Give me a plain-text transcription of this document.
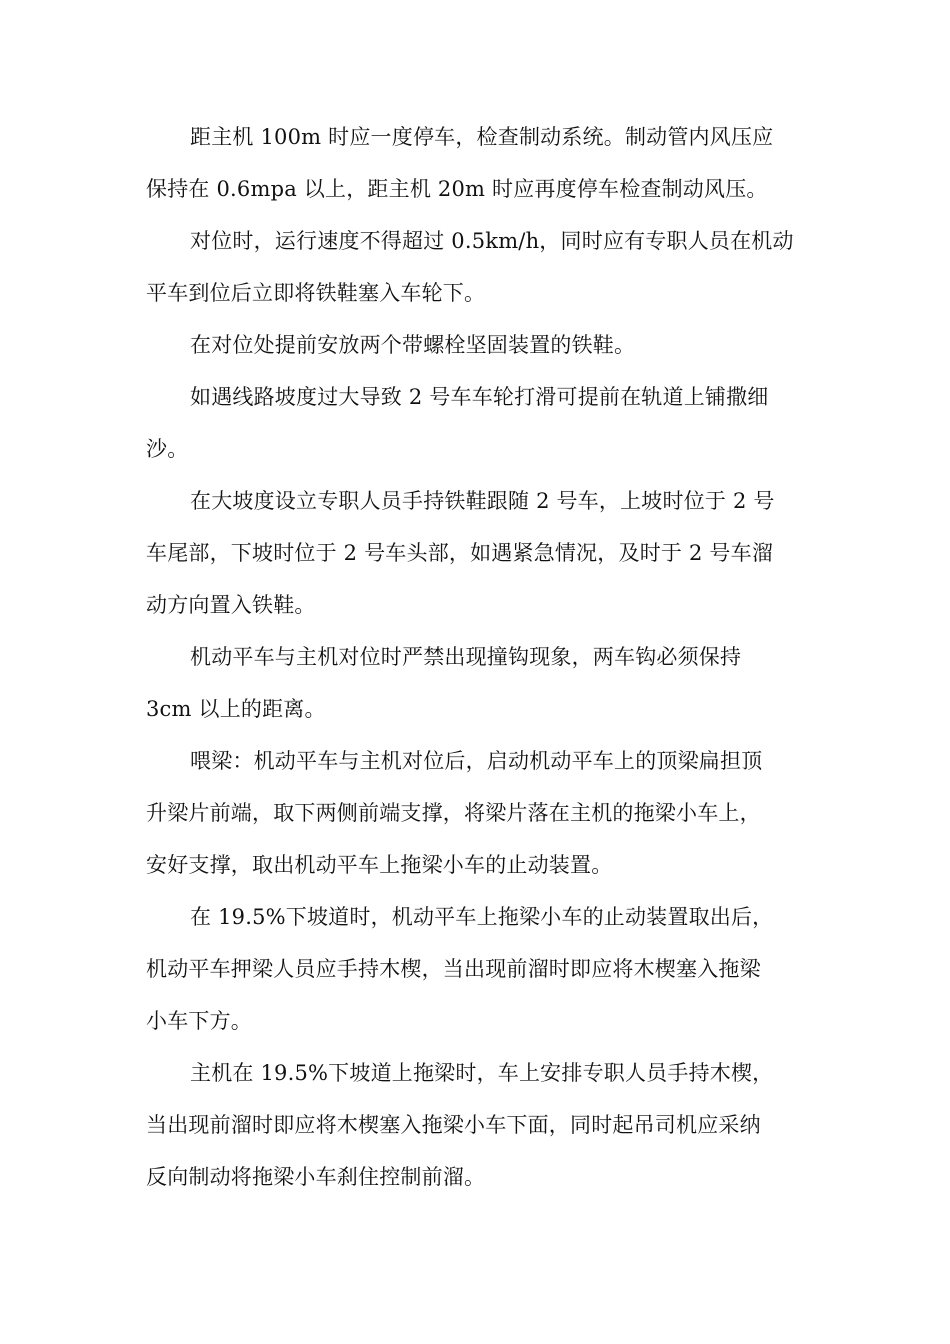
距主机 100m 时应一度停车，检查制动系统。制动管内风压应
保持在 0.6mpa 以上，距主机 20m 时应再度停车检查制动风压。
对位时，运行速度不得超过 0.5km/h，同时应有专职人员在机动
平车到位后立即将铁鞋塞入车轮下。
在对位处提前安放两个带螺栓坚固装置的铁鞋。
如遇线路坡度过大导致 2 号车车轮打滑可提前在轨道上铺撒细
沙。
在大坡度设立专职人员手持铁鞋跟随 2 号车，上坡时位于 2 号
车尾部，下坡时位于 2 号车头部，如遇紧急情况，及时于 2 号车溜
动方向置入铁鞋。
机动平车与主机对位时严禁出现撞钩现象，两车钩必须保持
3cm 以上的距离。
喂梁：机动平车与主机对位后，启动机动平车上的顶梁扁担顶
升梁片前端，取下两侧前端支撑，将梁片落在主机的拖梁小车上，
安好支撑，取出机动平车上拖梁小车的止动装置。
在 19.5%下坡道时，机动平车上拖梁小车的止动装置取出后，
机动平车押梁人员应手持木楔，当出现前溜时即应将木楔塞入拖梁
小车下方。
主机在 19.5%下坡道上拖梁时，车上安排专职人员手持木楔，
当出现前溜时即应将木楔塞入拖梁小车下面，同时起吊司机应采纳
反向制动将拖梁小车刹住控制前溜。
